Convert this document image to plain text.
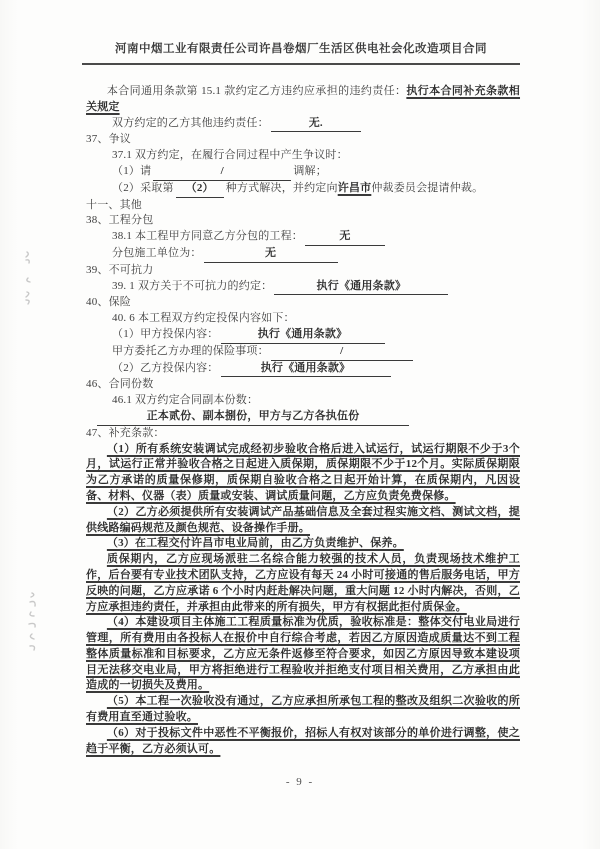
河南中烟工业有限责任公司许昌卷烟厂生活区供电社会化改造项目合同
本合同通用条款第 15.1 款约定乙方违约应承担的违约责任：执行本合同补充条款相关规定
双方约定的乙方其他违约责任：	无.
37、争议
37.1 双方约定，在履行合同过程中产生争议时：
（1）请	/	调解；
（2）采取第 （2） 种方式解决，并约定向许昌市仲裁委员会提请仲裁。
十一、其他
38、工程分包
38.1 本工程甲方同意乙方分包的工程：	无
分包施工单位为：	无
39、不可抗力
39. 1 双方关于不可抗力的约定：	执行《通用条款》
40、保险
40. 6 本工程双方约定投保内容如下：
（1）甲方投保内容：	执行《通用条款》
甲方委托乙方办理的保险事项：	/
（2）乙方投保内容：	执行《通用条款》
46、合同份数
46.1 双方约定合同副本份数：
正本贰份、副本捌份，甲方与乙方各执伍份
47、补充条款：
（1）所有系统安装调试完成经初步验收合格后进入试运行，试运行期限不少于3个月，试运行正常并验收合格之日起进入质保期，质保期限不少于12个月。实际质保期限为乙方承诺的质量保修期，质保期自验收合格之日起开始计算，在质保期内，凡因设备、材料、仪器（表）质量或安装、调试质量问题，乙方应负责免费保修。
（2）乙方必须提供所有安装调试产品基础信息及全套过程实施文档、测试文档，提供线路编码规范及颜色规范、设备操作手册。
（3）在工程交付许昌市电业局前，由乙方负责维护、保养。
质保期内，乙方应现场派驻二名综合能力较强的技术人员，负责现场技术维护工作，后台要有专业技术团队支持，乙方应设有每天 24 小时可接通的售后服务电话，甲方反映的问题，乙方应承诺 6 个小时内赶赴解决问题，重大问题 12 小时内解决，否则，乙方应承担违约责任，并承担由此带来的所有损失，甲方有权据此拒付质保金。
（4）本建设项目主体施工工程质量标准为优质，验收标准是：整体交付电业局进行管理，所有费用由各投标人在报价中自行综合考虑，若因乙方原因造成质量达不到工程整体质量标准和目标要求，乙方应无条件返修至符合要求，如因乙方原因导致本建设项目无法移交电业局，甲方将拒绝进行工程验收并拒绝支付项目相关费用，乙方承担由此造成的一切损失及费用。
（5）本工程一次验收没有通过，乙方应承担所承包工程的整改及组织二次验收的所有费用直至通过验收。
（6）对于投标文件中恶性不平衡报价，招标人有权对该部分的单价进行调整，使之趋于平衡，乙方必须认可。
- 9 -
